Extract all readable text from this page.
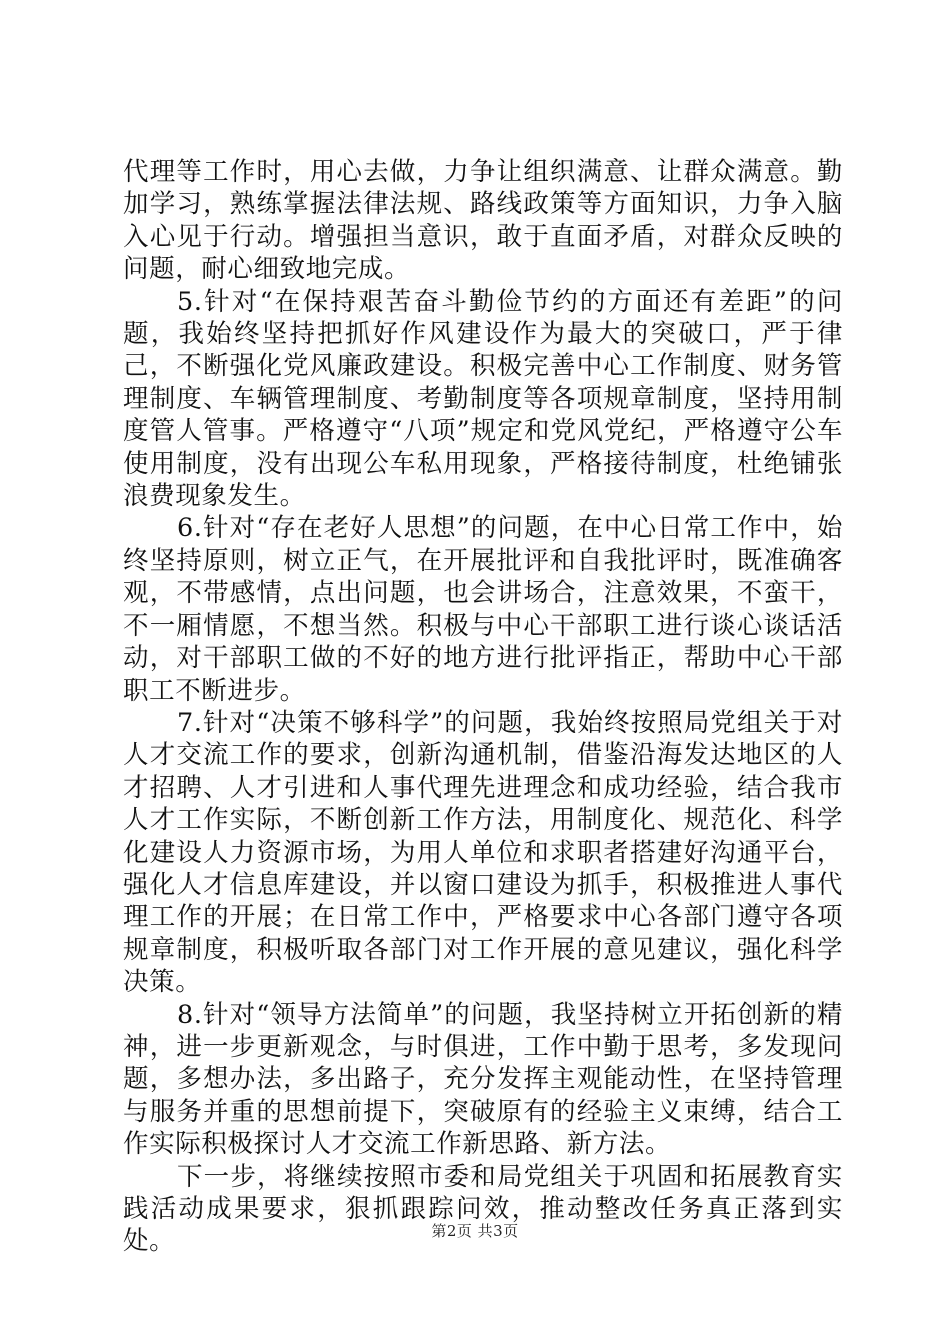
代理等工作时，用心去做，力争让组织满意、让群众满意。勤加学习，熟练掌握法律法规、路线政策等方面知识，力争入脑入心见于行动。增强担当意识，敢于直面矛盾，对群众反映的问题，耐心细致地完成。

5.针对“在保持艰苦奋斗勤俭节约的方面还有差距”的问题，我始终坚持把抓好作风建设作为最大的突破口，严于律己，不断强化党风廉政建设。积极完善中心工作制度、财务管理制度、车辆管理制度、考勤制度等各项规章制度，坚持用制度管人管事。严格遵守“八项”规定和党风党纪，严格遵守公车使用制度，没有出现公车私用现象，严格接待制度，杜绝铺张浪费现象发生。

6.针对“存在老好人思想”的问题，在中心日常工作中，始终坚持原则，树立正气，在开展批评和自我批评时，既准确客观，不带感情，点出问题，也会讲场合，注意效果，不蛮干，不一厢情愿，不想当然。积极与中心干部职工进行谈心谈话活动，对干部职工做的不好的地方进行批评指正，帮助中心干部职工不断进步。

7.针对“决策不够科学”的问题，我始终按照局党组关于对人才交流工作的要求，创新沟通机制，借鉴沿海发达地区的人才招聘、人才引进和人事代理先进理念和成功经验，结合我市人才工作实际，不断创新工作方法，用制度化、规范化、科学化建设人力资源市场，为用人单位和求职者搭建好沟通平台，强化人才信息库建设，并以窗口建设为抓手，积极推进人事代理工作的开展；在日常工作中，严格要求中心各部门遵守各项规章制度，积极听取各部门对工作开展的意见建议，强化科学决策。

8.针对“领导方法简单”的问题，我坚持树立开拓创新的精神，进一步更新观念，与时俱进，工作中勤于思考，多发现问题，多想办法，多出路子，充分发挥主观能动性，在坚持管理与服务并重的思想前提下，突破原有的经验主义束缚，结合工作实际积极探讨人才交流工作新思路、新方法。

下一步，将继续按照市委和局党组关于巩固和拓展教育实践活动成果要求，狠抓跟踪问效，推动整改任务真正落到实处。	第2页 共3页
